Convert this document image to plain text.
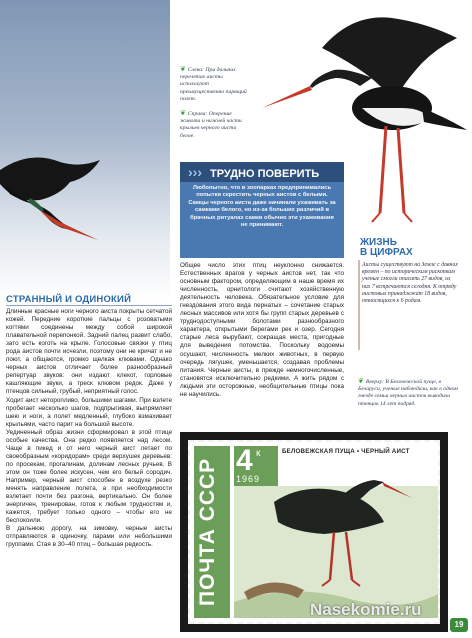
❦ Слева: При дальних перелетах аисты используют преимущественно парящий полет.
❦ Справа: Оперение живота и нижней части крыльев черного аиста белое.
››› ТРУДНО ПОВЕРИТЬ
Любопытно, что в зоопарках предпринимались попытки скрестить черных аистов с белыми. Самцы черного аиста даже начинали ухаживать за самками белого, но из-за больших различий в брачных ритуалах самки обычно эти ухаживания не принимают.
ЖИЗНЬ
В ЦИФРАХ
Аисты существуют на Земле с давних времен – по историческим раскопкам ученые смогли описать 27 видов, из них 7 встречаются сегодня. К отряду аистовых принадлежат 18 видов, относящихся к 6 родам.
СТРАННЫЙ И ОДИНОКИЙ

Длинные красные ноги черного аиста покрыты сетчатой кожей. Передние короткие пальцы с розоватыми когтями соединены между собой широкой плавательной перепонкой. Задний палец развит слабо, зато есть коготь на крыле. Голосовые связки у птиц рода аистов почти исчезли, поэтому они не кричат и не поют, а общаются, громко щелкая клювами. Однако черных аистов отличает более разнообразный репертуар звуков: они издают клекот, горловые кашляющие звуки, а треск клювом редок. Даже у птенцов сильный, грубый, неприятный голос.
Ходит аист неторопливо, большими шагами. При взлете пробегает несколько шагов, подпрыгивая, выпрямляет шею и ноги, а полет медленный, глубоко взмахивает крыльями, часто парит на большой высоте.
Уединенный образ жизни сформировал в этой птице особые качества. Она редко появляется над лесом. Чаще в пикед и от него черный аист летает по своеобразным «коридорам» среди верхушек деревьев: по просекам, прогалинам, долинам лесных ручьев. В этом он тоже более искусен, чем его белый сородич. Например, черный аист способен в воздухе резко менять направление полета, а при необходимости взлетает почти без разгона, вертикально. Он более энергичен, тренирован, готов к любым трудностям и, кажется, требует только одного – чтобы его не беспокоили.
В дальнюю дорогу, на зимовку, черные аисты отправляются в одиночку, парами или небольшими группами. Стая в 30–40 птиц – большая редкость.

Общее число этих птиц неуклонно снижается. Естественных врагов у черных аистов нет, так что основным фактором, определяющим в наше время их численность, орнитологи считают хозяйственную деятельность человека. Обязательное условие для гнездования этого вида пернатых – сочетание старых лесных массивов или хотя бы групп старых деревьев с труднодоступными болотами разнообразного характера, открытыми берегами рек и озер. Сегодня старые леса вырубают, сокращая места, пригодные для выведения потомства. Поскольку водоемы осушают, численность мелких животных, в первую очередь лягушек, уменьшается, создавая проблемы питания. Черные аисты, в прежде немногочисленные, становятся исключительно редкими. А жить рядом с людьми эти осторожные, необщительные птицы пока не научились.

❦ Вверху: В Беловежской пуще, в Беларуси, ученые наблюдали, как в одном гнезде семьи черных аистов выводили птенцов 14 лет подряд.
ПОЧТА СССР 4 к
1969
БЕЛОВЕЖСКАЯ ПУЩА • ЧЕРНЫЙ АИСТ
Nasekomie.ru
19
